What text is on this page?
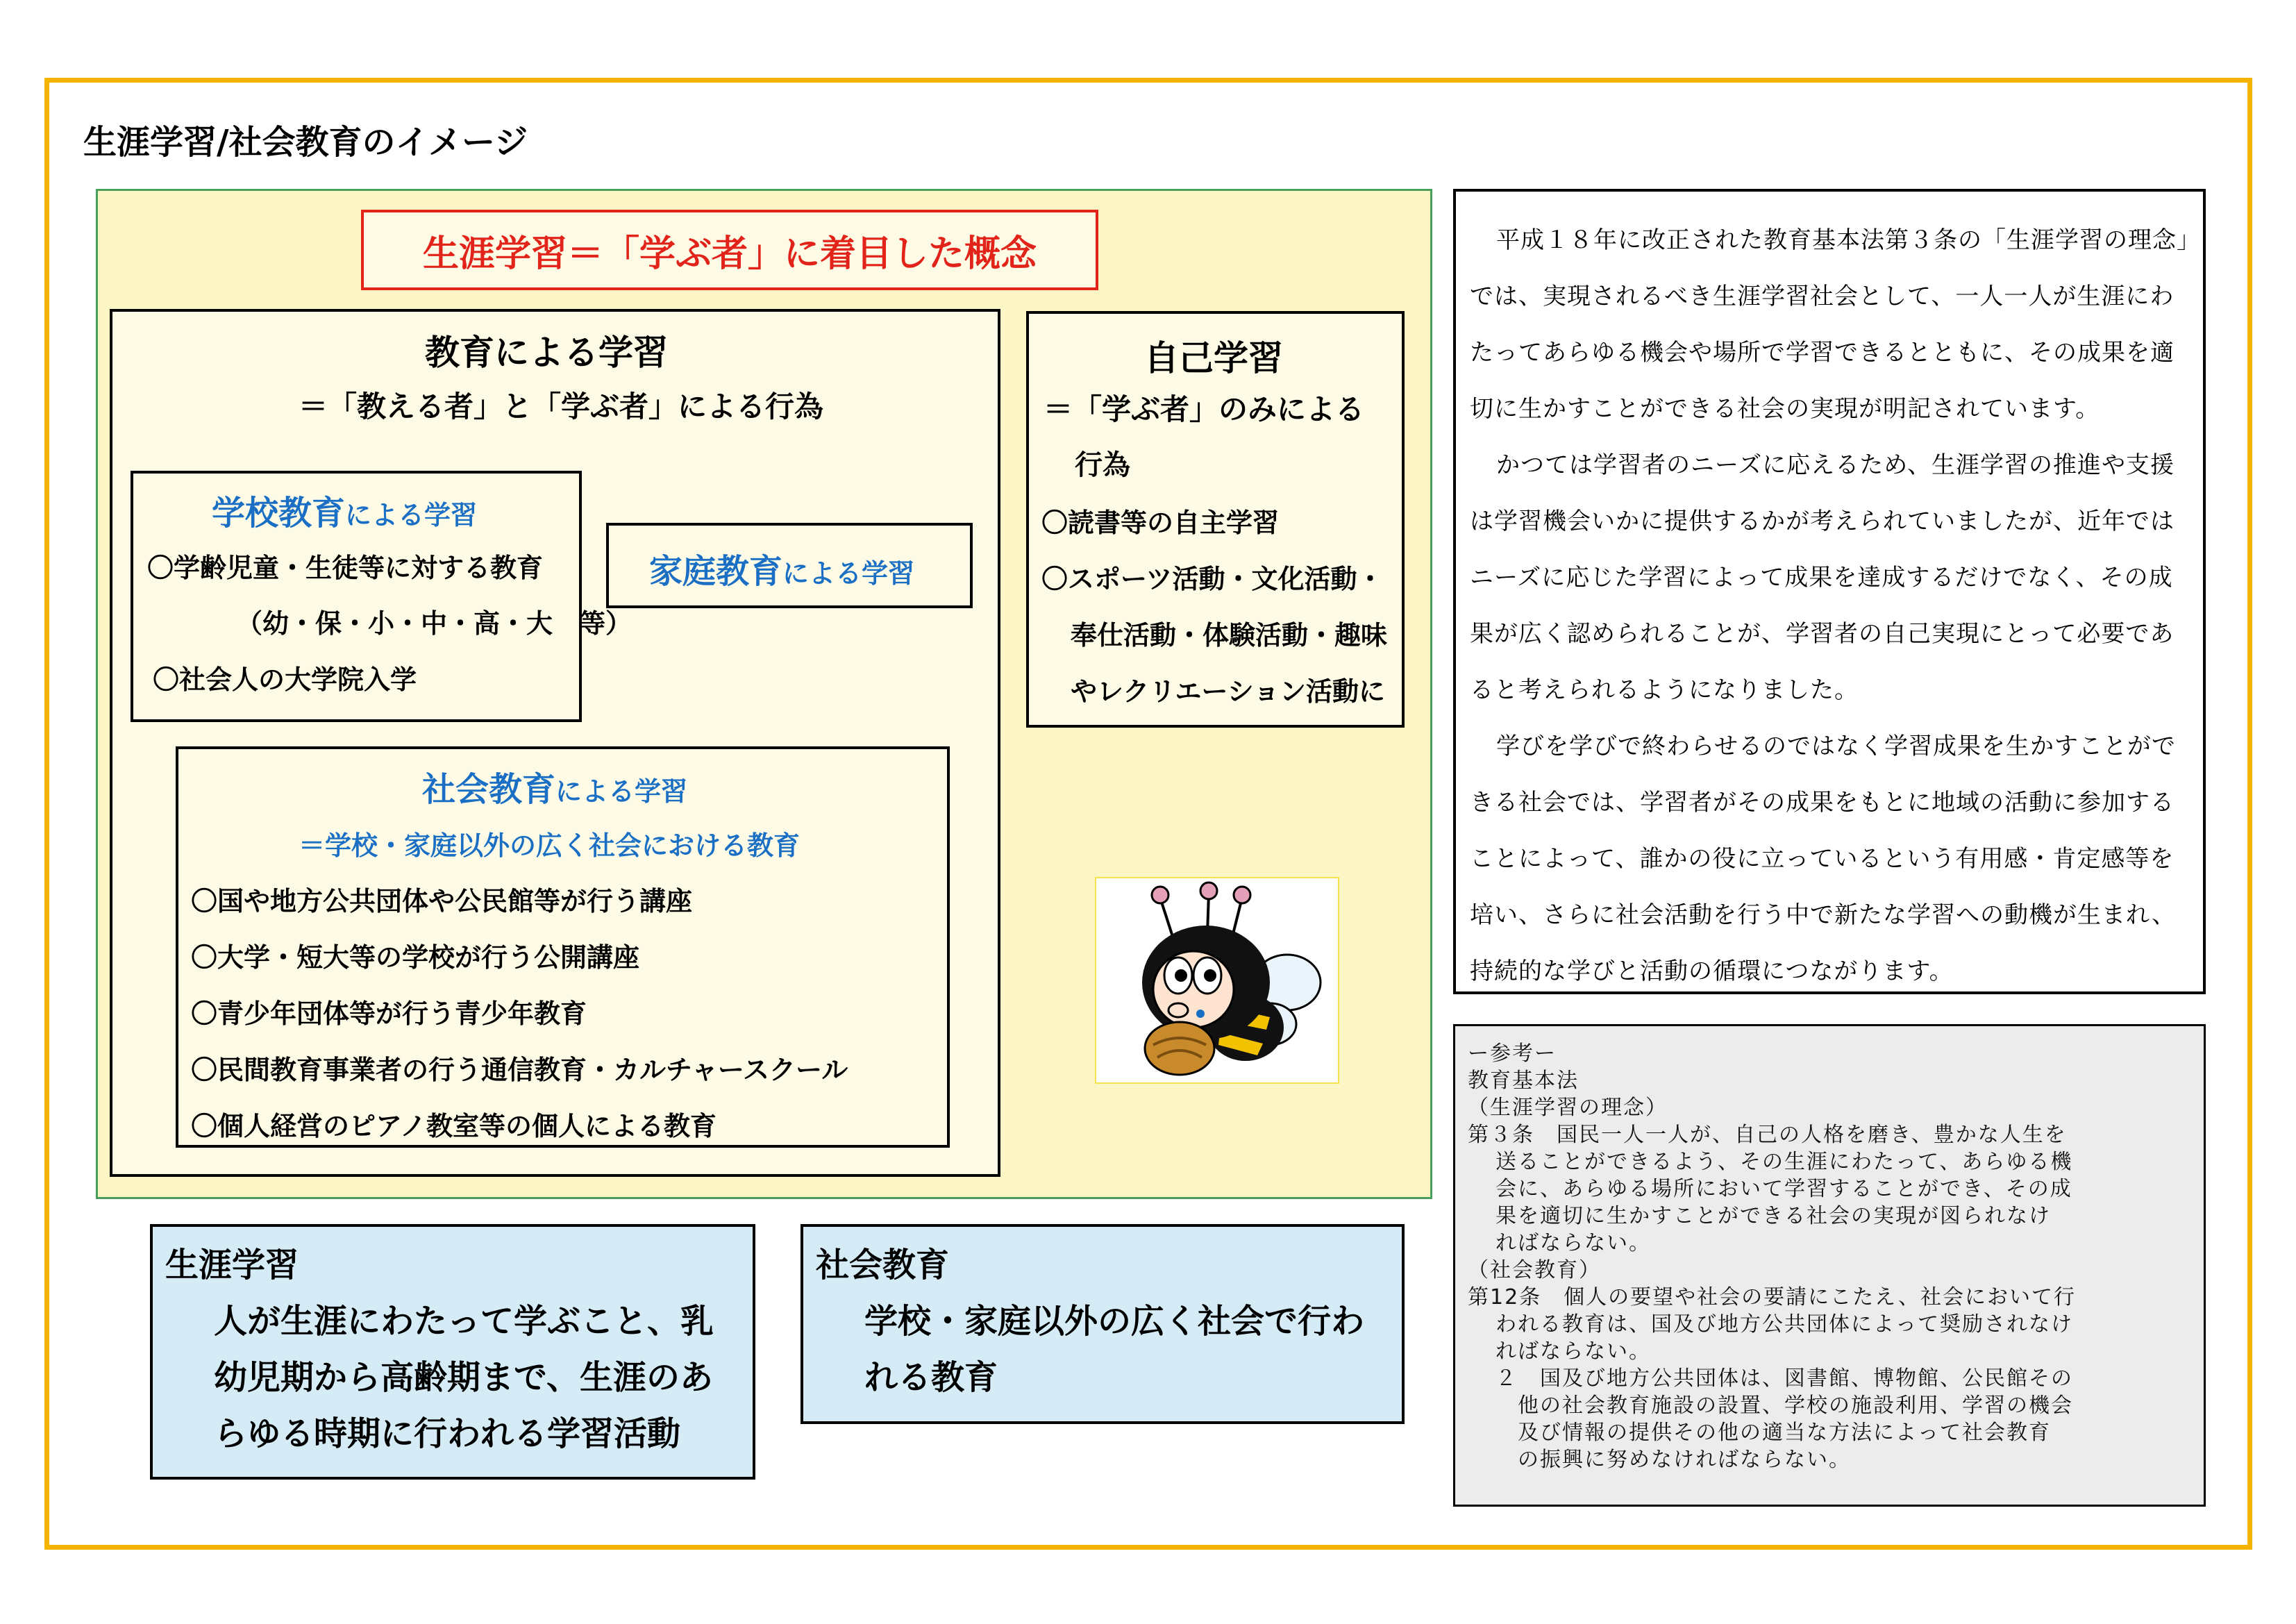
生涯学習/社会教育のイメージ
生涯学習＝「学ぶ者」に着目した概念
教育による学習
＝「教える者」と「学ぶ者」による行為
学校教育による学習
〇学齢児童・生徒等に対する教育
（幼・保・小・中・高・大　等）
〇社会人の大学院入学
家庭教育による学習
社会教育による学習
＝学校・家庭以外の広く社会における教育
〇国や地方公共団体や公民館等が行う講座
〇大学・短大等の学校が行う公開講座
〇青少年団体等が行う青少年教育
〇民間教育事業者の行う通信教育・カルチャースクール
〇個人経営のピアノ教室等の個人による教育
自己学習
＝「学ぶ者」のみによる
行為
〇読書等の自主学習
〇スポーツ活動・文化活動・
奉仕活動・体験活動・趣味
やレクリエーション活動に
生涯学習
人が生涯にわたって学ぶこと、乳
幼児期から高齢期まで、生涯のあ
らゆる時期に行われる学習活動
社会教育
学校・家庭以外の広く社会で行わ
れる教育

平成１８年に改正された教育基本法第３条の「生涯学習の理念」

では、実現されるべき生涯学習社会として、一人一人が生涯にわ

たってあらゆる機会や場所で学習できるとともに、その成果を適

切に生かすことができる社会の実現が明記されています。

かつては学習者のニーズに応えるため、生涯学習の推進や支援

は学習機会いかに提供するかが考えられていましたが、近年では

ニーズに応じた学習によって成果を達成するだけでなく、その成

果が広く認められることが、学習者の自己実現にとって必要であ

ると考えられるようになりました。

学びを学びで終わらせるのではなく学習成果を生かすことがで

きる社会では、学習者がその成果をもとに地域の活動に参加する

ことによって、誰かの役に立っているという有用感・肯定感等を

培い、さらに社会活動を行う中で新たな学習への動機が生まれ、

持続的な学びと活動の循環につながります。

ー参考ー
教育基本法
（生涯学習の理念）
第３条　国民一人一人が、自己の人格を磨き、豊かな人生を
送ることができるよう、その生涯にわたって、あらゆる機
会に、あらゆる場所において学習することができ、その成
果を適切に生かすことができる社会の実現が図られなけ
ればならない。
（社会教育）
第12条　個人の要望や社会の要請にこたえ、社会において行
われる教育は、国及び地方公共団体によって奨励されなけ
ればならない。
２　国及び地方公共団体は、図書館、博物館、公民館その
他の社会教育施設の設置、学校の施設利用、学習の機会
及び情報の提供その他の適当な方法によって社会教育
の振興に努めなければならない。
